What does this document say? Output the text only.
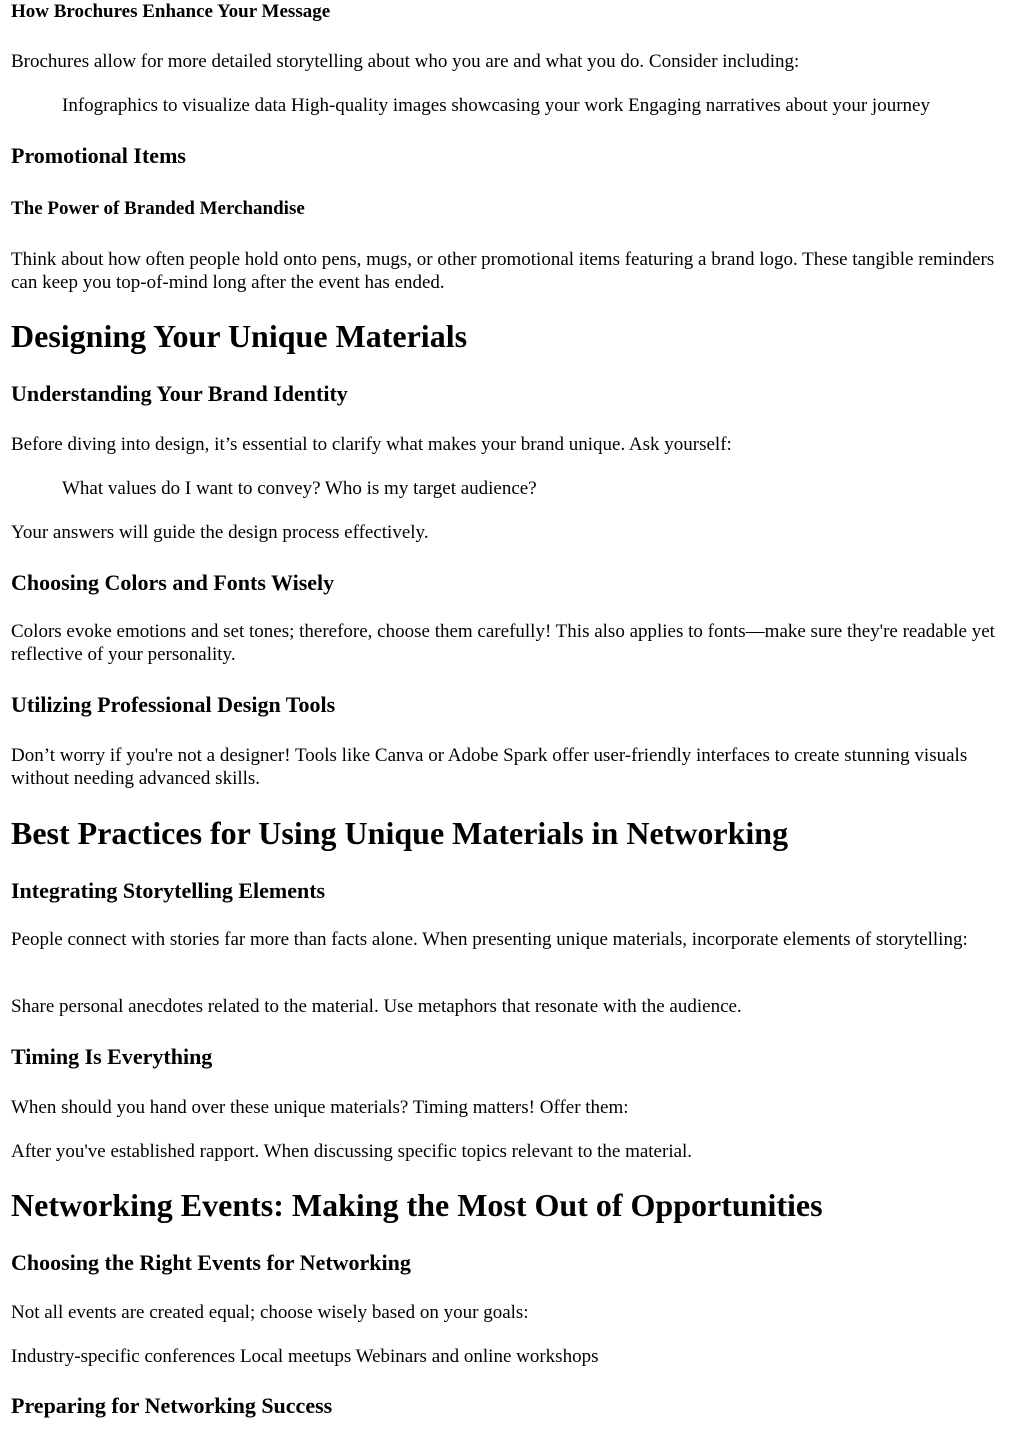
How Brochures Enhance Your Message
Brochures allow for more detailed storytelling about who you are and what you do. Consider including:
Infographics to visualize data High-quality images showcasing your work Engaging narratives about your journey
Promotional Items
The Power of Branded Merchandise
Think about how often people hold onto pens, mugs, or other promotional items featuring a brand logo. These tangible reminders can keep you top-of-mind long after the event has ended.
Designing Your Unique Materials
Understanding Your Brand Identity
Before diving into design, it’s essential to clarify what makes your brand unique. Ask yourself:
What values do I want to convey? Who is my target audience?
Your answers will guide the design process effectively.
Choosing Colors and Fonts Wisely
Colors evoke emotions and set tones; therefore, choose them carefully! This also applies to fonts—make sure they're readable yet reflective of your personality.
Utilizing Professional Design Tools
Don’t worry if you're not a designer! Tools like Canva or Adobe Spark offer user-friendly interfaces to create stunning visuals without needing advanced skills.
Best Practices for Using Unique Materials in Networking
Integrating Storytelling Elements
People connect with stories far more than facts alone. When presenting unique materials, incorporate elements of storytelling:
Share personal anecdotes related to the material. Use metaphors that resonate with the audience.
Timing Is Everything
When should you hand over these unique materials? Timing matters! Offer them:
After you've established rapport. When discussing specific topics relevant to the material.
Networking Events: Making the Most Out of Opportunities
Choosing the Right Events for Networking
Not all events are created equal; choose wisely based on your goals:
Industry-specific conferences Local meetups Webinars and online workshops
Preparing for Networking Success
